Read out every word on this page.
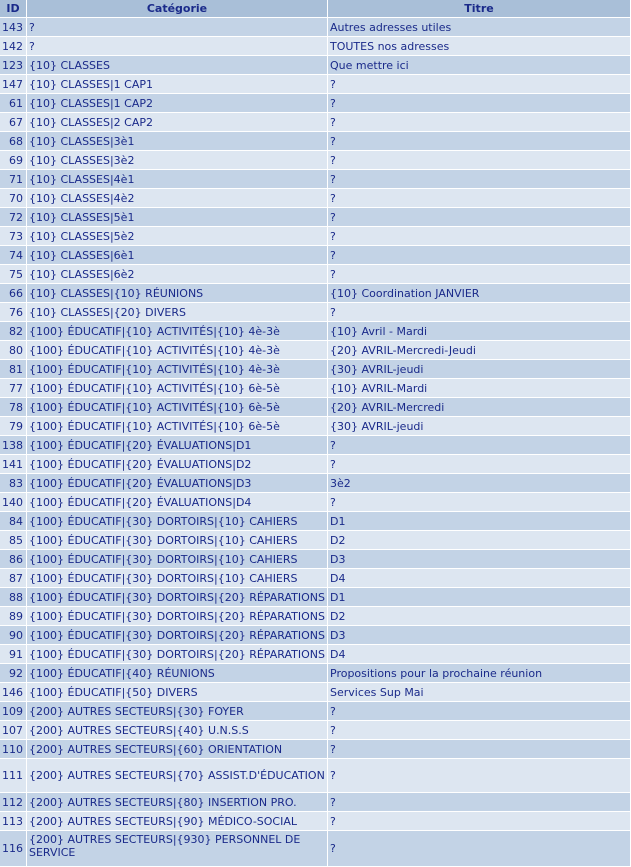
ID	Catégorie	Titre
143	?	Autres adresses utiles
142	?	TOUTES nos adresses
123	{10} CLASSES	Que mettre ici
147	{10} CLASSES|1 CAP1	?
61	{10} CLASSES|1 CAP2	?
67	{10} CLASSES|2 CAP2	?
68	{10} CLASSES|3è1	?
69	{10} CLASSES|3è2	?
71	{10} CLASSES|4è1	?
70	{10} CLASSES|4è2	?
72	{10} CLASSES|5è1	?
73	{10} CLASSES|5è2	?
74	{10} CLASSES|6è1	?
75	{10} CLASSES|6è2	?
66	{10} CLASSES|{10} RÉUNIONS	{10} Coordination JANVIER
76	{10} CLASSES|{20} DIVERS	?
82	{100} ÉDUCATIF|{10} ACTIVITÉS|{10} 4è-3è	{10} Avril - Mardi
80	{100} ÉDUCATIF|{10} ACTIVITÉS|{10} 4è-3è	{20} AVRIL-Mercredi-Jeudi
81	{100} ÉDUCATIF|{10} ACTIVITÉS|{10} 4è-3è	{30} AVRIL-jeudi
77	{100} ÉDUCATIF|{10} ACTIVITÉS|{10} 6è-5è	{10} AVRIL-Mardi
78	{100} ÉDUCATIF|{10} ACTIVITÉS|{10} 6è-5è	{20} AVRIL-Mercredi
79	{100} ÉDUCATIF|{10} ACTIVITÉS|{10} 6è-5è	{30} AVRIL-jeudi
138	{100} ÉDUCATIF|{20} ÉVALUATIONS|D1	?
141	{100} ÉDUCATIF|{20} ÉVALUATIONS|D2	?
83	{100} ÉDUCATIF|{20} ÉVALUATIONS|D3	3è2
140	{100} ÉDUCATIF|{20} ÉVALUATIONS|D4	?
84	{100} ÉDUCATIF|{30} DORTOIRS|{10} CAHIERS	D1
85	{100} ÉDUCATIF|{30} DORTOIRS|{10} CAHIERS	D2
86	{100} ÉDUCATIF|{30} DORTOIRS|{10} CAHIERS	D3
87	{100} ÉDUCATIF|{30} DORTOIRS|{10} CAHIERS	D4
88	{100} ÉDUCATIF|{30} DORTOIRS|{20} RÉPARATIONS	D1
89	{100} ÉDUCATIF|{30} DORTOIRS|{20} RÉPARATIONS	D2
90	{100} ÉDUCATIF|{30} DORTOIRS|{20} RÉPARATIONS	D3
91	{100} ÉDUCATIF|{30} DORTOIRS|{20} RÉPARATIONS	D4
92	{100} ÉDUCATIF|{40} RÉUNIONS	Propositions pour la prochaine réunion
146	{100} ÉDUCATIF|{50} DIVERS	Services Sup Mai
109	{200} AUTRES SECTEURS|{30} FOYER	?
107	{200} AUTRES SECTEURS|{40} U.N.S.S	?
110	{200} AUTRES SECTEURS|{60} ORIENTATION	?
111	{200} AUTRES SECTEURS|{70} ASSIST.D'ÉDUCATION	?
112	{200} AUTRES SECTEURS|{80} INSERTION PRO.	?
113	{200} AUTRES SECTEURS|{90} MÉDICO-SOCIAL	?
116	{200} AUTRES SECTEURS|{930} PERSONNEL DE SERVICE	?
